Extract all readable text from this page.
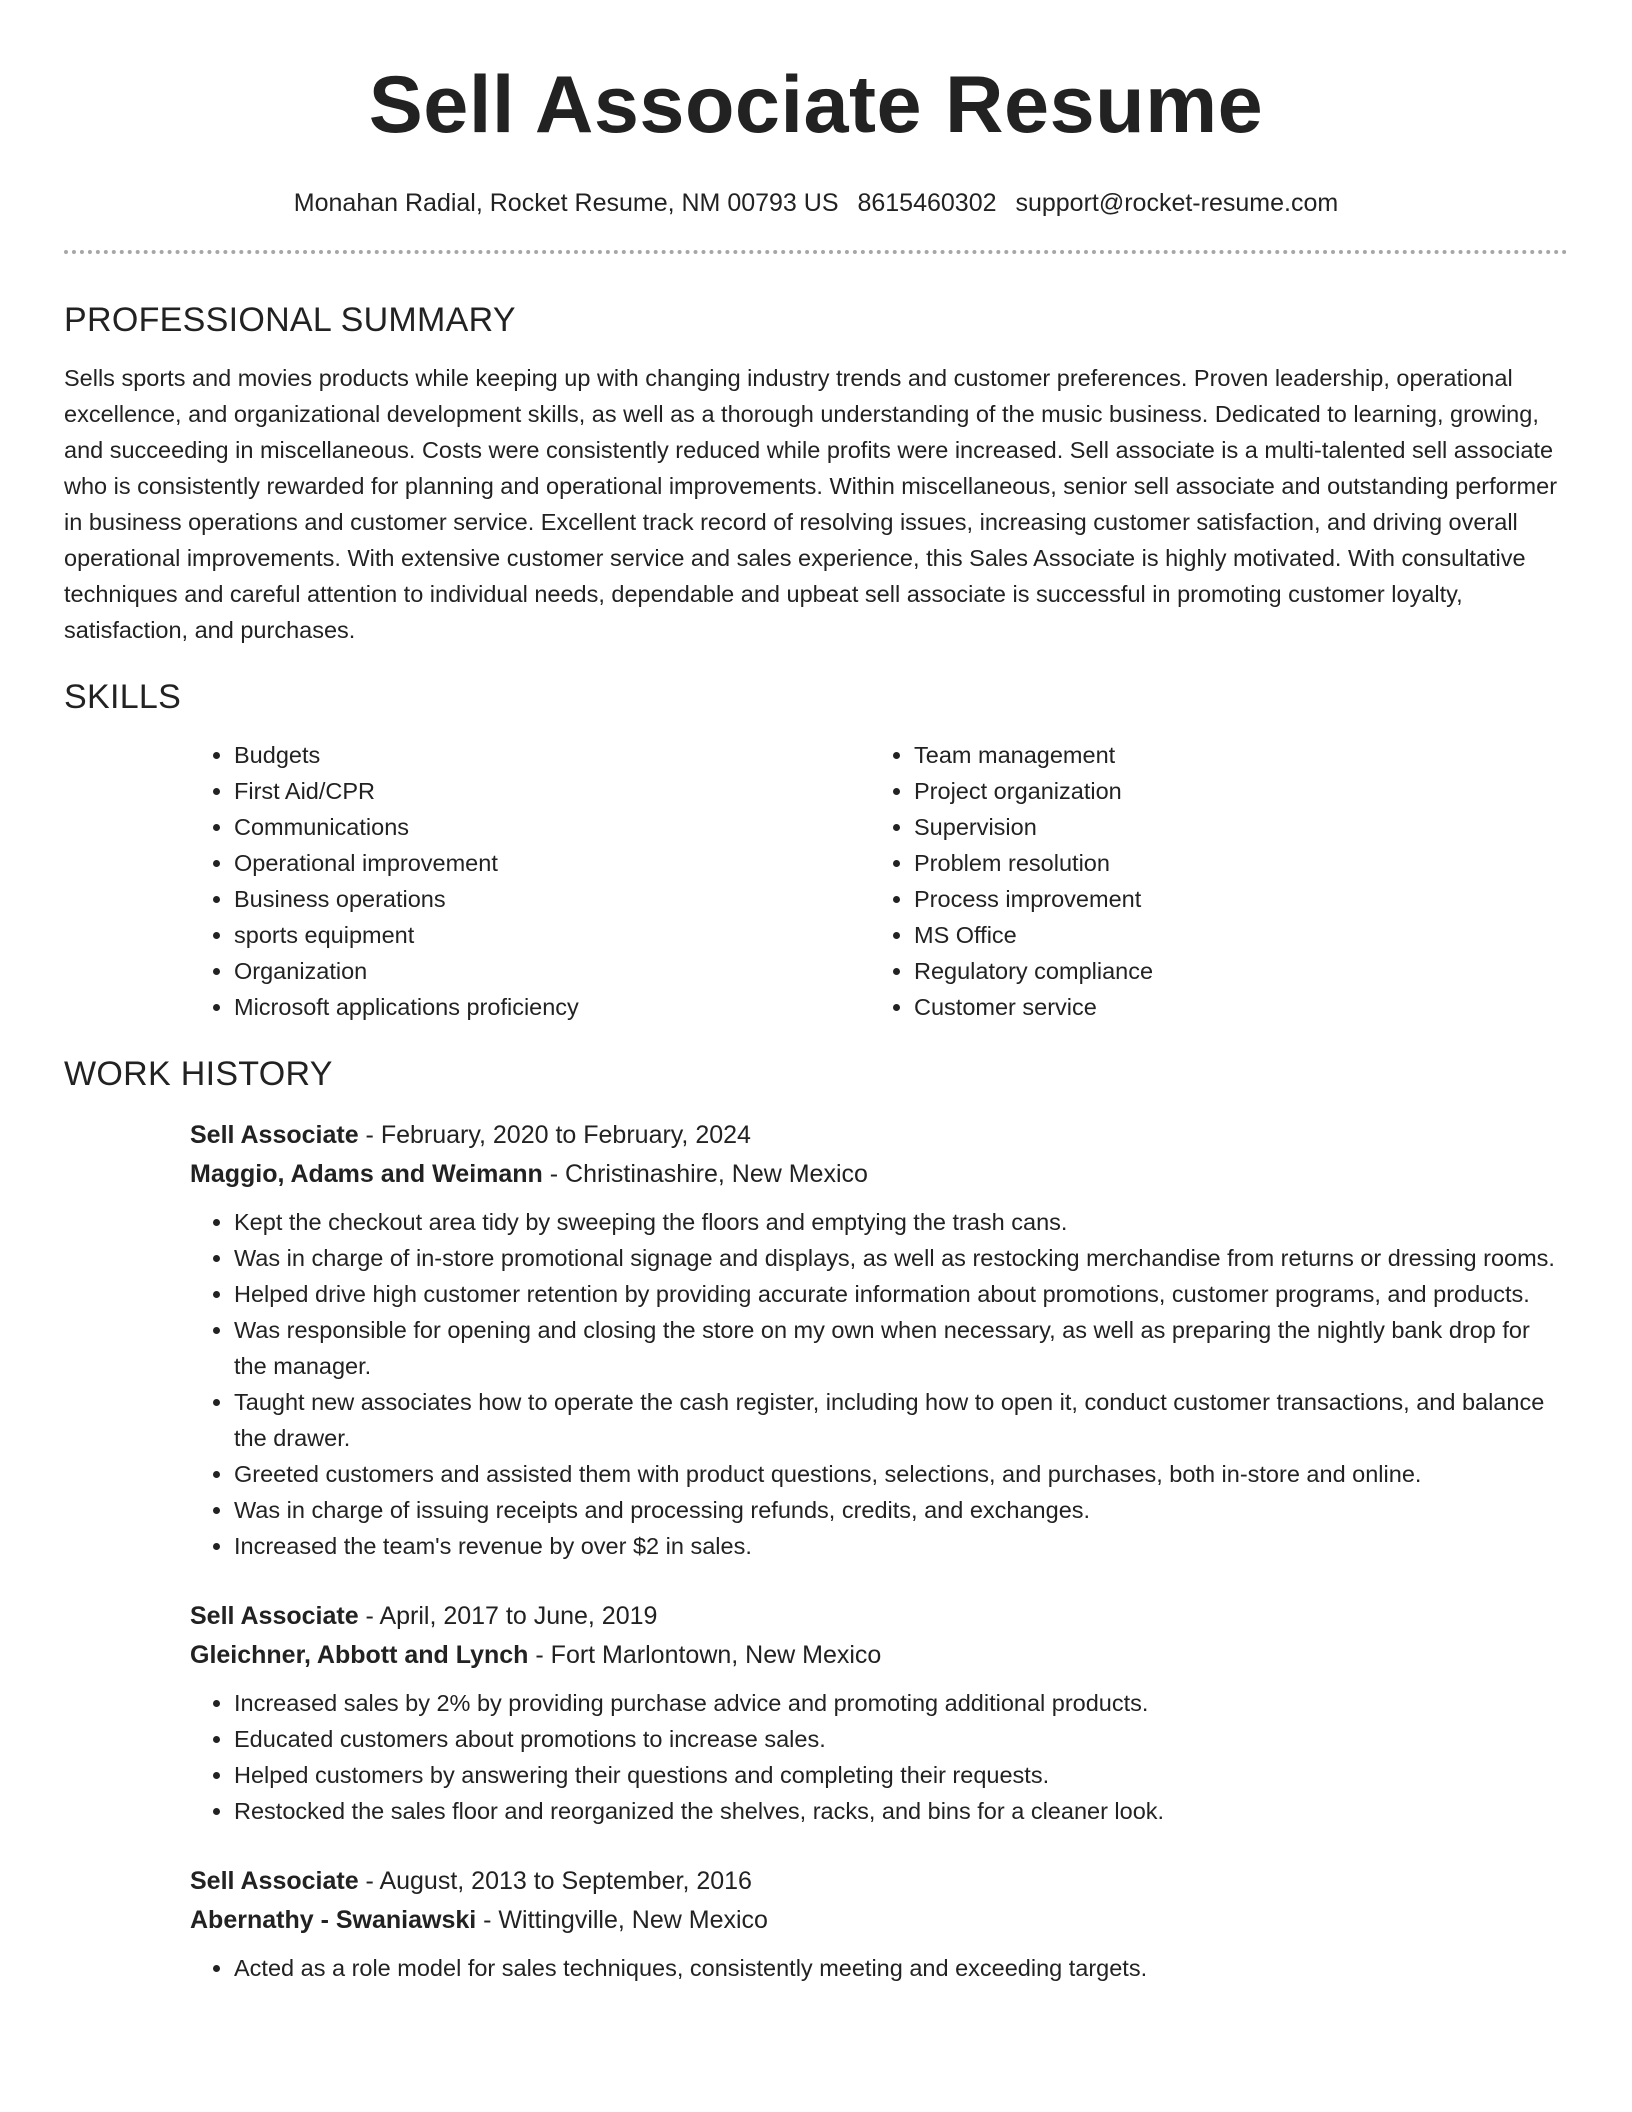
Sell Associate Resume
Monahan Radial, Rocket Resume, NM 00793 US 8615460302 support@rocket-resume.com
PROFESSIONAL SUMMARY

Sells sports and movies products while keeping up with changing industry trends and customer preferences. Proven leadership, operational excellence, and organizational development skills, as well as a thorough understanding of the music business. Dedicated to learning, growing, and succeeding in miscellaneous. Costs were consistently reduced while profits were increased. Sell associate is a multi-talented sell associate who is consistently rewarded for planning and operational improvements. Within miscellaneous, senior sell associate and outstanding performer in business operations and customer service. Excellent track record of resolving issues, increasing customer satisfaction, and driving overall operational improvements. With extensive customer service and sales experience, this Sales Associate is highly motivated. With consultative techniques and careful attention to individual needs, dependable and upbeat sell associate is successful in promoting customer loyalty, satisfaction, and purchases.

SKILLS
• Budgets
• First Aid/CPR
• Communications
• Operational improvement
• Business operations
• sports equipment
• Organization
• Microsoft applications proficiency
• Team management
• Project organization
• Supervision
• Problem resolution
• Process improvement
• MS Office
• Regulatory compliance
• Customer service
WORK HISTORY
Sell Associate - February, 2020 to February, 2024
Maggio, Adams and Weimann - Christinashire, New Mexico
• Kept the checkout area tidy by sweeping the floors and emptying the trash cans.
• Was in charge of in-store promotional signage and displays, as well as restocking merchandise from returns or dressing rooms.
• Helped drive high customer retention by providing accurate information about promotions, customer programs, and products.
• Was responsible for opening and closing the store on my own when necessary, as well as preparing the nightly bank drop for the manager.
• Taught new associates how to operate the cash register, including how to open it, conduct customer transactions, and balance the drawer.
• Greeted customers and assisted them with product questions, selections, and purchases, both in-store and online.
• Was in charge of issuing receipts and processing refunds, credits, and exchanges.
• Increased the team's revenue by over $2 in sales.
Sell Associate - April, 2017 to June, 2019
Gleichner, Abbott and Lynch - Fort Marlontown, New Mexico
• Increased sales by 2% by providing purchase advice and promoting additional products.
• Educated customers about promotions to increase sales.
• Helped customers by answering their questions and completing their requests.
• Restocked the sales floor and reorganized the shelves, racks, and bins for a cleaner look.
Sell Associate - August, 2013 to September, 2016
Abernathy - Swaniawski - Wittingville, New Mexico
• Acted as a role model for sales techniques, consistently meeting and exceeding targets.
